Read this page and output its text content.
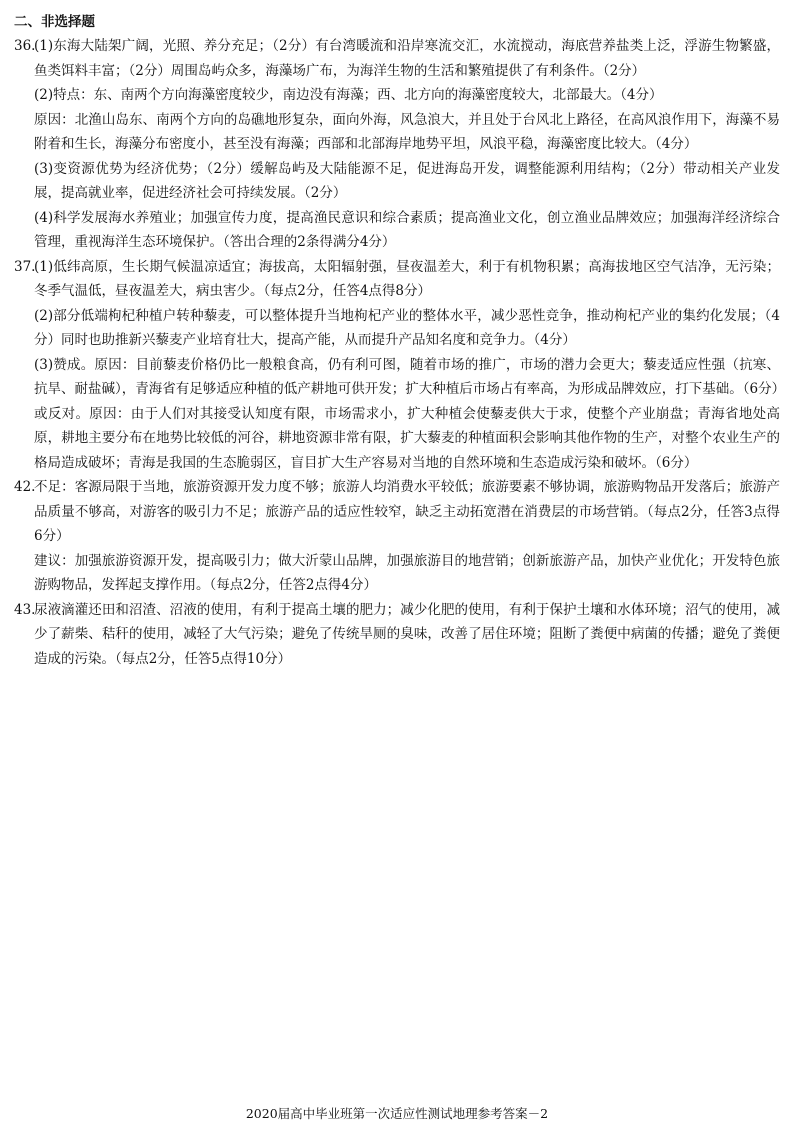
二、非选择题
36.

(1)东海大陆架广阔，光照、养分充足；（2分）有台湾暖流和沿岸寒流交汇，水流搅动，海底营养盐类上泛，浮游生物繁盛，鱼类饵料丰富；（2分）周围岛屿众多，海藻场广布，为海洋生物的生活和繁殖提供了有利条件。（2分）

(2)特点：东、南两个方向海藻密度较少，南边没有海藻；西、北方向的海藻密度较大，北部最大。（4分）

原因：北渔山岛东、南两个方向的岛礁地形复杂，面向外海，风急浪大，并且处于台风北上路径，在高风浪作用下，海藻不易附着和生长，海藻分布密度小，甚至没有海藻；西部和北部海岸地势平坦，风浪平稳，海藻密度比较大。（4分）

(3)变资源优势为经济优势；（2分）缓解岛屿及大陆能源不足，促进海岛开发，调整能源利用结构；（2分）带动相关产业发展，提高就业率，促进经济社会可持续发展。（2分）

(4)科学发展海水养殖业；加强宣传力度，提高渔民意识和综合素质；提高渔业文化，创立渔业品牌效应；加强海洋经济综合管理，重视海洋生态环境保护。（答出合理的2条得满分4分）

37.

(1)低纬高原，生长期气候温凉适宜；海拔高，太阳辐射强，昼夜温差大，利于有机物积累；高海拔地区空气洁净，无污染；冬季气温低，昼夜温差大，病虫害少。（每点2分，任答4点得8分）

(2)部分低端枸杞种植户转种藜麦，可以整体提升当地枸杞产业的整体水平，减少恶性竞争，推动枸杞产业的集约化发展；（4分）同时也助推新兴藜麦产业培育壮大，提高产能，从而提升产品知名度和竞争力。（4分）

(3)赞成。原因：目前藜麦价格仍比一般粮食高，仍有利可图，随着市场的推广，市场的潜力会更大；藜麦适应性强（抗寒、抗旱、耐盐碱），青海省有足够适应种植的低产耕地可供开发；扩大种植后市场占有率高，为形成品牌效应，打下基础。（6分）

或反对。原因：由于人们对其接受认知度有限，市场需求小，扩大种植会使藜麦供大于求，使整个产业崩盘；青海省地处高原，耕地主要分布在地势比较低的河谷，耕地资源非常有限，扩大藜麦的种植面积会影响其他作物的生产，对整个农业生产的格局造成破坏；青海是我国的生态脆弱区，盲目扩大生产容易对当地的自然环境和生态造成污染和破坏。（6分）

42.

不足：客源局限于当地，旅游资源开发力度不够；旅游人均消费水平较低；旅游要素不够协调，旅游购物品开发落后；旅游产品质量不够高，对游客的吸引力不足；旅游产品的适应性较窄，缺乏主动拓宽潜在消费层的市场营销。（每点2分，任答3点得6分）

建议：加强旅游资源开发，提高吸引力；做大沂蒙山品牌，加强旅游目的地营销；创新旅游产品，加快产业优化；开发特色旅游购物品，发挥起支撑作用。（每点2分，任答2点得4分）

43.

尿液滴灌还田和沼渣、沼液的使用，有利于提高土壤的肥力；减少化肥的使用，有利于保护土壤和水体环境；沼气的使用，减少了薪柴、秸秆的使用，减轻了大气污染；避免了传统旱厕的臭味，改善了居住环境；阻断了粪便中病菌的传播；避免了粪便造成的污染。（每点2分，任答5点得10分）

2020届高中毕业班第一次适应性测试地理参考答案－2
